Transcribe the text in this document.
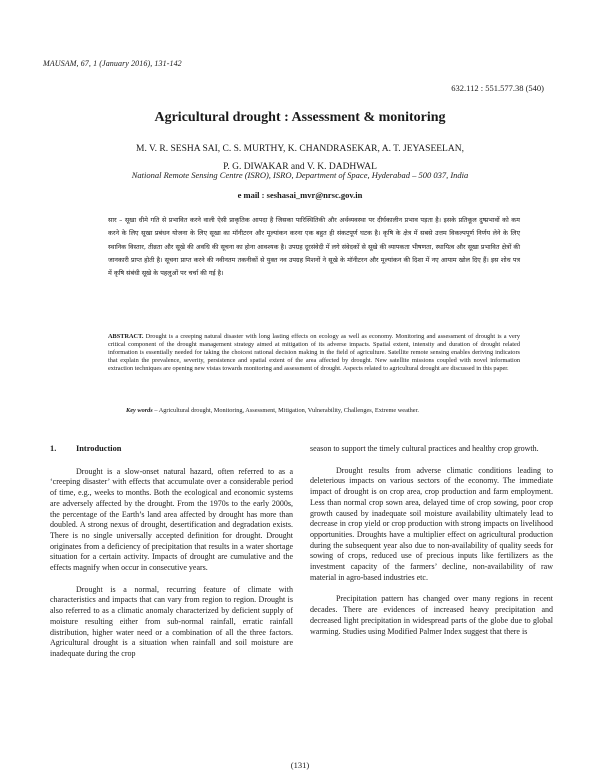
MAUSAM, 67, 1 (January 2016), 131-142
632.112 : 551.577.38 (540)
Agricultural drought : Assessment & monitoring
M. V. R. SESHA SAI, C. S. MURTHY, K. CHANDRASEKAR, A. T. JEYASEELAN,
P. G. DIWAKAR and V. K. DADHWAL
National Remote Sensing Centre (ISRO), ISRO, Department of Space, Hyderabad – 500 037, India
e mail : seshasai_mvr@nrsc.gov.in

सार – सूखा धीमे गति से प्रभावित करने वाली ऐसी प्राकृतिक आपदा है जिसका पारिस्थितिकी और अर्थव्यवस्था पर दीर्घकालीन प्रभाव पड़ता है। इसके प्रतिकूल दुष्प्रभावों को कम करने के लिए सूखा प्रबंधन योजना के लिए सूखा का मॉनीटरन और मूल्यांकन करना एक बहुत ही संकटपूर्ण घटक है। कृषि के क्षेत्र में सबसे उत्तम विकल्पपूर्ण निर्णय लेने के लिए स्थानिक विस्तार, तीव्रता और सूखे की अवधि की सूचना का होना आवश्यक है। उपग्रह दूरसंवेदी में लगे संवेदकों से सूखे की व्यापकता भीषणता, स्थायित्व और सूखा प्रभावित क्षेत्रों की जानकारी प्राप्त होती है। सूचना प्राप्त करने की नवीनतम तकनीकों से युक्त नव उपग्रह मिशनों ने सूखे के मॉनीटरन और मूल्यांकन की दिशा में नए आयाम खोल दिए हैं। इस शोध पत्र में कृषि संबंधी सूखे के पहलुओं पर चर्चा की गई है।

ABSTRACT. Drought is a creeping natural disaster with long lasting effects on ecology as well as economy. Monitoring and assessment of drought is a very critical component of the drought management strategy aimed at mitigation of its adverse impacts. Spatial extent, intensity and duration of drought related information is essentially needed for taking the choicest rational decision making in the field of agriculture. Satellite remote sensing enables deriving indicators that explain the prevalence, severity, persistence and spatial extent of the area affected by drought. New satellite missions coupled with novel information extraction techniques are opening new vistas towards monitoring and assessment of drought. Aspects related to agricultural drought are discussed in this paper.

Key words – Agricultural drought, Monitoring, Assessment, Mitigation, Vulnerability, Challenges, Extreme weather.

1. Introduction

Drought is a slow-onset natural hazard, often referred to as a ‘creeping disaster’ with effects that accumulate over a considerable period of time, e.g., weeks to months. Both the ecological and economic systems are adversely affected by the drought. From the 1970s to the early 2000s, the percentage of the Earth’s land area affected by drought has more than doubled. A strong nexus of drought, desertification and degradation exists. There is no single universally accepted definition for drought. Drought originates from a deficiency of precipitation that results in a water shortage situation for a certain activity. Impacts of drought are cumulative and the effects magnify when occur in consecutive years.

Drought is a normal, recurring feature of climate with characteristics and impacts that can vary from region to region. Drought is also referred to as a climatic anomaly characterized by deficient supply of moisture resulting either from sub-normal rainfall, erratic rainfall distribution, higher water need or a combination of all the three factors. Agricultural drought is a situation when rainfall and soil moisture are inadequate during the crop

season to support the timely cultural practices and healthy crop growth.

Drought results from adverse climatic conditions leading to deleterious impacts on various sectors of the economy. The immediate impact of drought is on crop area, crop production and farm employment. Less than normal crop sown area, delayed time of crop sowing, poor crop growth caused by inadequate soil moisture availability ultimately lead to decrease in crop yield or crop production with strong impacts on livelihood opportunities. Droughts have a multiplier effect on agricultural production during the subsequent year also due to non-availability of quality seeds for sowing of crops, reduced use of precious inputs like fertilizers as the investment capacity of the farmers’ decline, non-availability of raw material in agro-based industries etc.

Precipitation pattern has changed over many regions in recent decades. There are evidences of increased heavy precipitation and decreased light precipitation in widespread parts of the globe due to global warming. Studies using Modified Palmer Index suggest that there is

(131)
